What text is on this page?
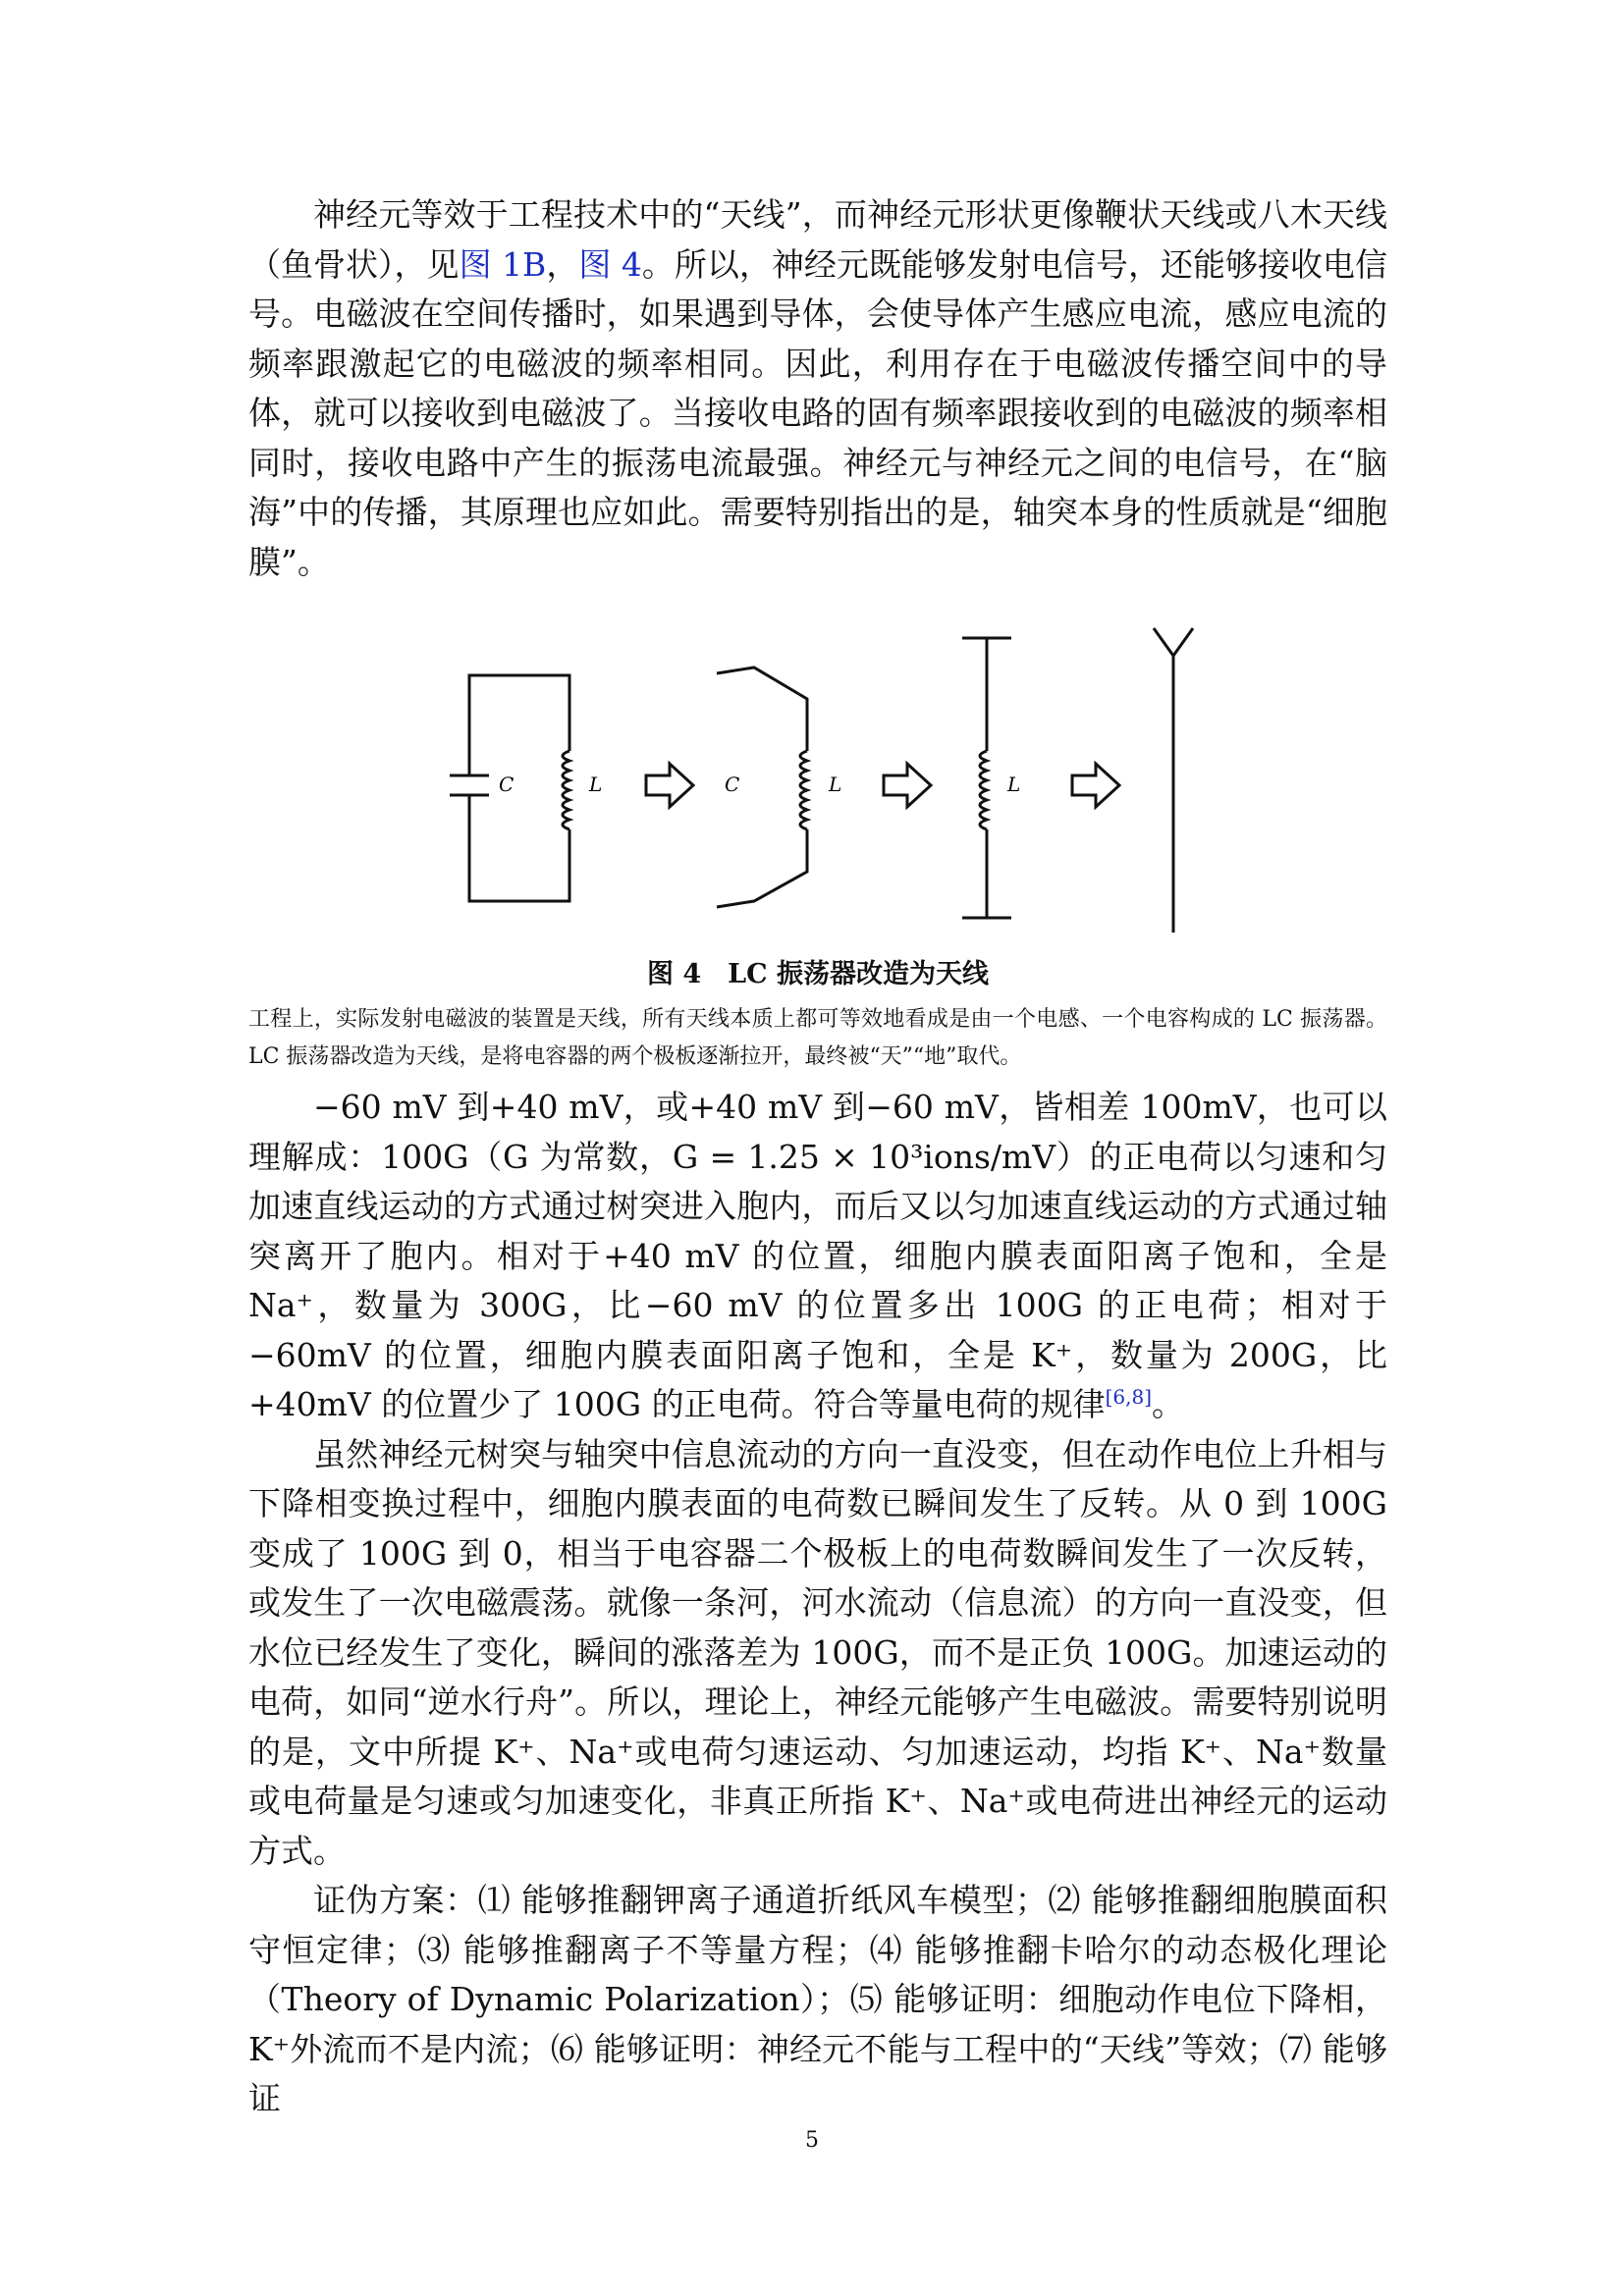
神经元等效于工程技术中的“天线”，而神经元形状更像鞭状天线或八木天线（鱼骨状），见图 1B，图 4。所以，神经元既能够发射电信号，还能够接收电信号。电磁波在空间传播时，如果遇到导体，会使导体产生感应电流，感应电流的频率跟激起它的电磁波的频率相同。因此，利用存在于电磁波传播空间中的导体，就可以接收到电磁波了。当接收电路的固有频率跟接收到的电磁波的频率相同时，接收电路中产生的振荡电流最强。神经元与神经元之间的电信号，在“脑海”中的传播，其原理也应如此。需要特别指出的是，轴突本身的性质就是“细胞膜”。

C	L	C	L	L

图 4　LC 振荡器改造为天线

工程上，实际发射电磁波的装置是天线，所有天线本质上都可等效地看成是由一个电感、一个电容构成的 LC 振荡器。LC 振荡器改造为天线，是将电容器的两个极板逐渐拉开，最终被“天”“地”取代。

−60 mV 到+40 mV，或+40 mV 到−60 mV，皆相差 100mV，也可以理解成：100G（G 为常数，G = 1.25 × 10³ions/mV）的正电荷以匀速和匀加速直线运动的方式通过树突进入胞内，而后又以匀加速直线运动的方式通过轴突离开了胞内。相对于+40 mV 的位置，细胞内膜表面阳离子饱和，全是 Na⁺，数量为 300G，比−60 mV 的位置多出 100G 的正电荷；相对于−60mV 的位置，细胞内膜表面阳离子饱和，全是 K⁺，数量为 200G，比+40mV 的位置少了 100G 的正电荷。符合等量电荷的规律[6,8]。

虽然神经元树突与轴突中信息流动的方向一直没变，但在动作电位上升相与下降相变换过程中，细胞内膜表面的电荷数已瞬间发生了反转。从 0 到 100G 变成了 100G 到 0，相当于电容器二个极板上的电荷数瞬间发生了一次反转，或发生了一次电磁震荡。就像一条河，河水流动（信息流）的方向一直没变，但水位已经发生了变化，瞬间的涨落差为 100G，而不是正负 100G。加速运动的电荷，如同“逆水行舟”。所以，理论上，神经元能够产生电磁波。需要特别说明的是，文中所提 K⁺、Na⁺或电荷匀速运动、匀加速运动，均指 K⁺、Na⁺数量或电荷量是匀速或匀加速变化，非真正所指 K⁺、Na⁺或电荷进出神经元的运动方式。

证伪方案：⑴ 能够推翻钾离子通道折纸风车模型；⑵ 能够推翻细胞膜面积守恒定律；⑶ 能够推翻离子不等量方程；⑷ 能够推翻卡哈尔的动态极化理论（Theory of Dynamic Polarization）；⑸ 能够证明：细胞动作电位下降相，K⁺外流而不是内流；⑹ 能够证明：神经元不能与工程中的“天线”等效；⑺ 能够证

5
